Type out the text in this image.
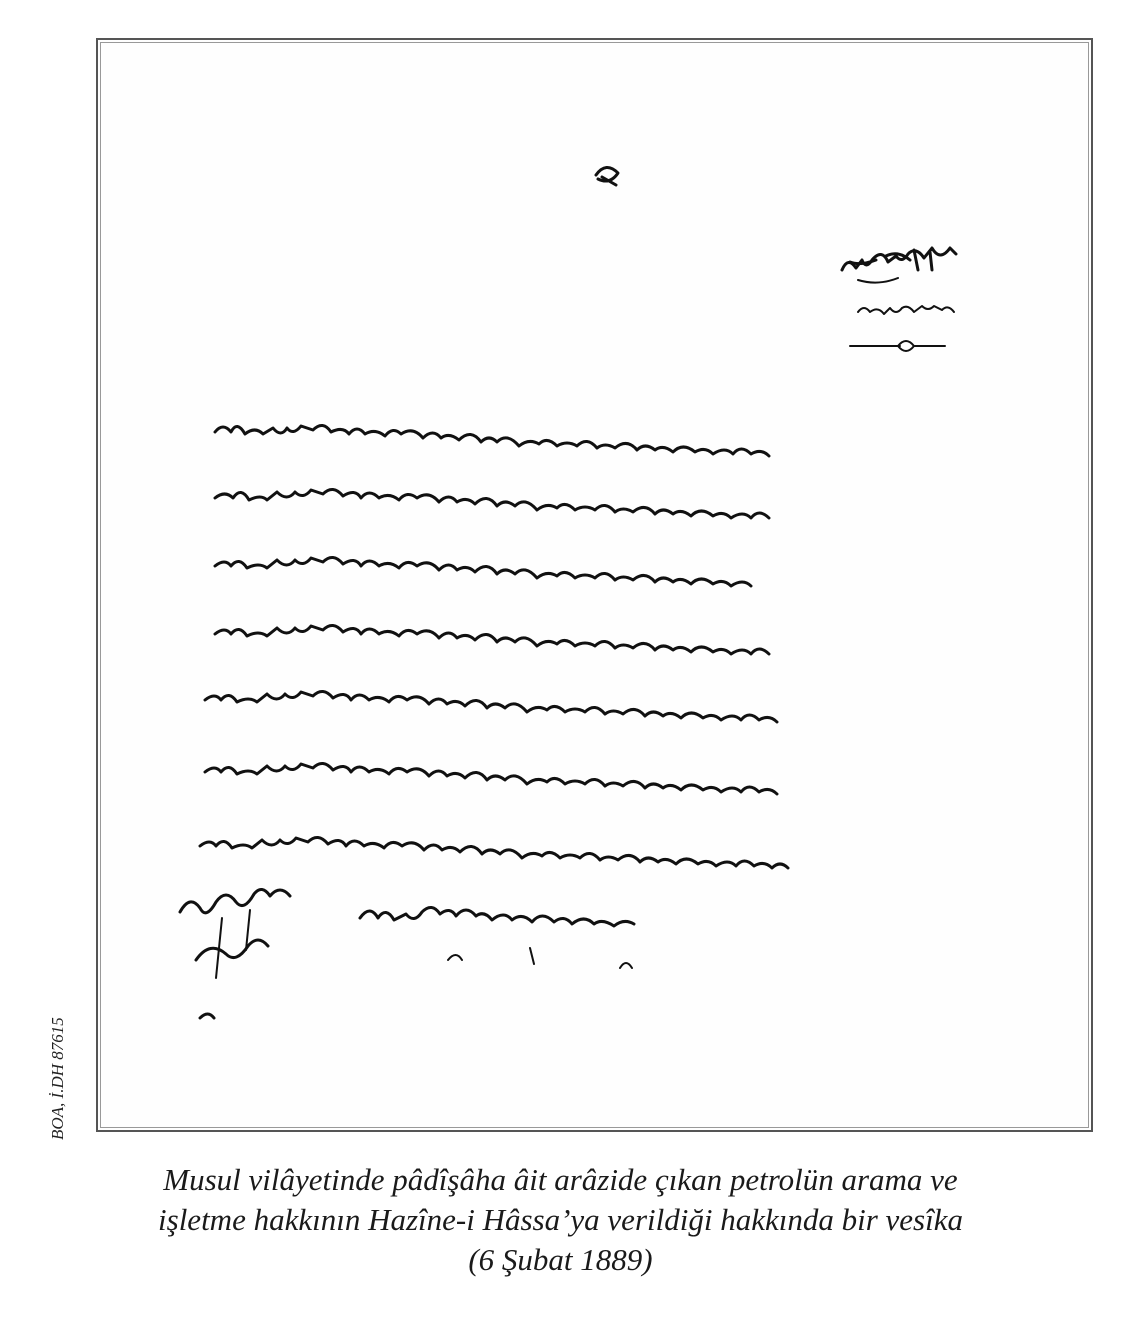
BOA, İ.DH 87615
Musul vilâyetinde pâdîşâha âit arâzide çıkan petrolün arama ve
işletme hakkının Hazîne-i Hâssa’ya verildiği hakkında bir vesîka
(6 Şubat 1889)
